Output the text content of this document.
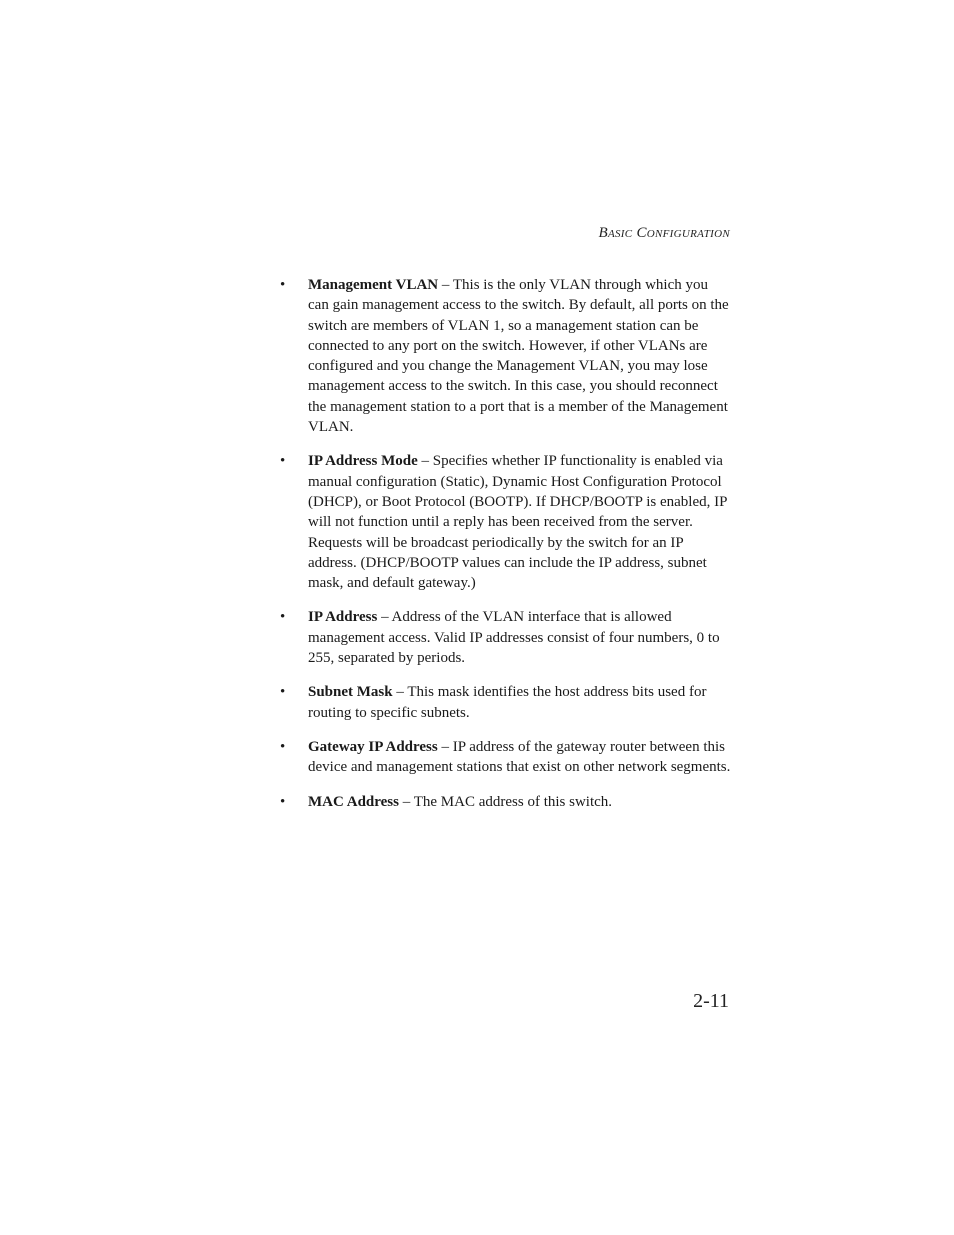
Basic Configuration
• Management VLAN – This is the only VLAN through which you can gain management access to the switch. By default, all ports on the switch are members of VLAN 1, so a management station can be connected to any port on the switch. However, if other VLANs are configured and you change the Management VLAN, you may lose management access to the switch. In this case, you should reconnect the management station to a port that is a member of the Management VLAN.
• IP Address Mode – Specifies whether IP functionality is enabled via manual configuration (Static), Dynamic Host Configuration Protocol (DHCP), or Boot Protocol (BOOTP). If DHCP/BOOTP is enabled, IP will not function until a reply has been received from the server. Requests will be broadcast periodically by the switch for an IP address. (DHCP/BOOTP values can include the IP address, subnet mask, and default gateway.)
• IP Address – Address of the VLAN interface that is allowed management access. Valid IP addresses consist of four numbers, 0 to 255, separated by periods.
• Subnet Mask – This mask identifies the host address bits used for routing to specific subnets.
• Gateway IP Address – IP address of the gateway router between this device and management stations that exist on other network segments.
• MAC Address – The MAC address of this switch.
2-11
